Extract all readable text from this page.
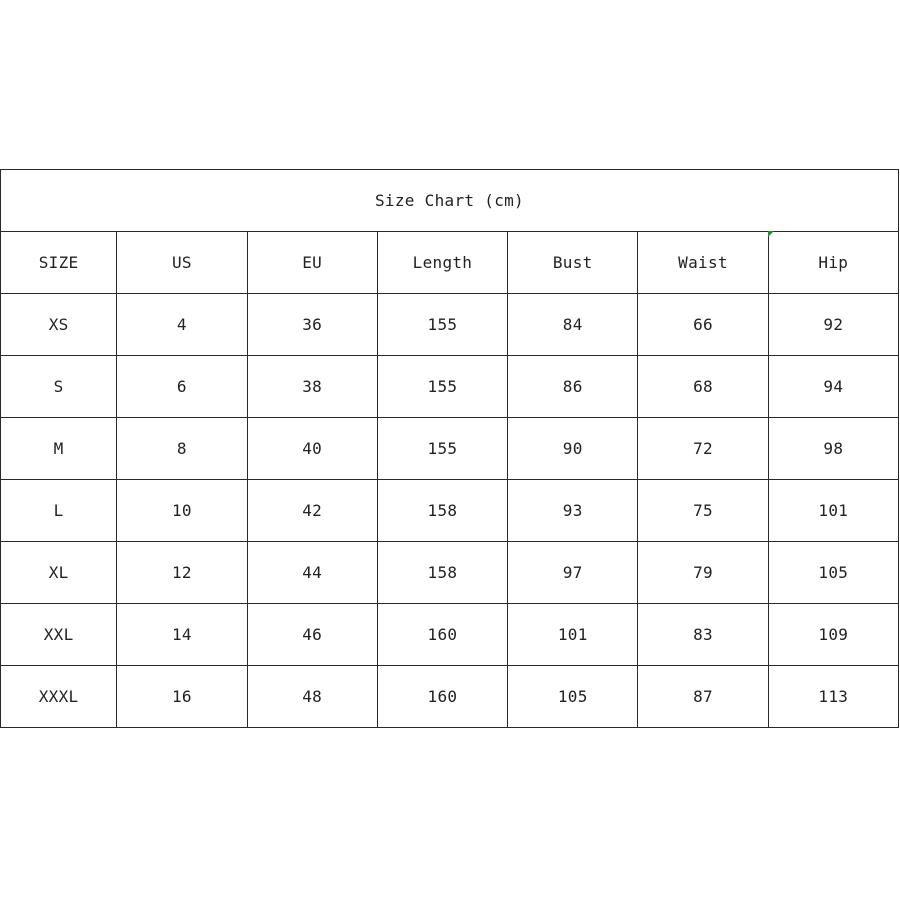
Size Chart (cm)						
SIZE	US	EU	Length	Bust	Waist	Hip
XS	4	36	155	84	66	92
S	6	38	155	86	68	94
M	8	40	155	90	72	98
L	10	42	158	93	75	101
XL	12	44	158	97	79	105
XXL	14	46	160	101	83	109
XXXL	16	48	160	105	87	113
